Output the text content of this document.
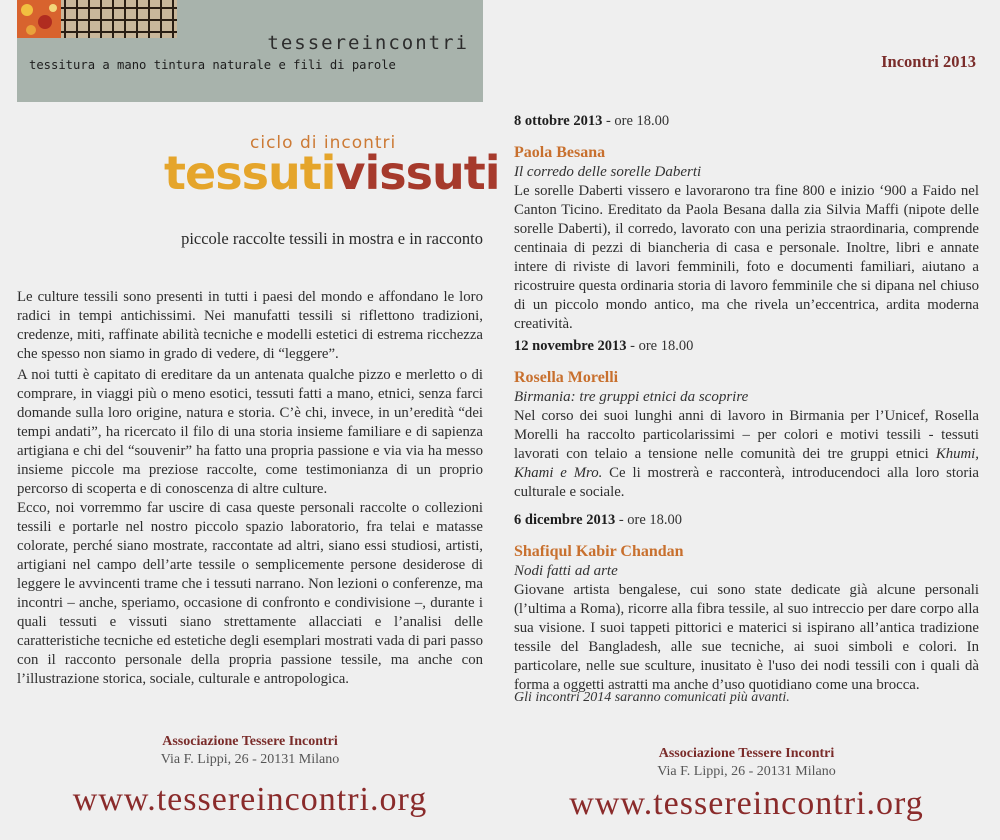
tessereincontri
tessitura a mano tintura naturale e fili di parole
ciclo di incontri
tessutivissuti
piccole raccolte tessili in mostra e in racconto

Le culture tessili sono presenti in tutti i paesi del mondo e affondano le loro radici in tempi antichissimi. Nei manufatti tessili si riflettono tradizioni, credenze, miti, raffinate abilità tecniche e modelli estetici di estrema ricchezza che spesso non siamo in grado di vedere, di “leggere”.

A noi tutti è capitato di ereditare da un antenata qualche pizzo e merletto o di comprare, in viaggi più o meno esotici, tessuti fatti a mano, etnici, senza farci domande sulla loro origine, natura e storia. C’è chi, invece, in un’eredità “dei tempi andati”, ha ricercato il filo di una storia insieme familiare e di sapienza artigiana e chi del “souvenir” ha fatto una propria passione e via via ha messo insieme piccole ma preziose raccolte, come testimonianza di un proprio percorso di scoperta e di conoscenza di altre culture.

Ecco, noi vorremmo far uscire di casa queste personali raccolte o collezioni tessili e portarle nel nostro piccolo spazio laboratorio, fra telai e matasse colorate, perché siano mostrate, raccontate ad altri, siano essi studiosi, artisti, artigiani nel campo dell’arte tessile o semplicemente persone desiderose di leggere le avvincenti trame che i tessuti narrano. Non lezioni o conferenze, ma incontri – anche, speriamo, occasione di confronto e condivisione –, durante i quali tessuti e vissuti siano strettamente allacciati e l’analisi delle caratteristiche tecniche ed estetiche degli esemplari mostrati vada di pari passo con il racconto personale della propria passione tessile, ma anche con l’illustrazione storica, sociale, culturale e antropologica.

Incontri 2013
8 ottobre 2013 - ore 18.00
Paola Besana
Il corredo delle sorelle Daberti
Le sorelle Daberti vissero e lavorarono tra fine 800 e inizio ‘900 a Faido nel Canton Ticino. Ereditato da Paola Besana dalla zia Silvia Maffi (nipote delle sorelle Daberti), il corredo, lavorato con una perizia straordinaria, comprende centinaia di pezzi di biancheria di casa e personale. Inoltre, libri e annate intere di riviste di lavori femminili, foto e documenti familiari, aiutano a ricostruire questa ordinaria storia di lavoro femminile che si dipana nel chiuso di un piccolo mondo antico, ma che rivela un’eccentrica, ardita moderna creatività.
12 novembre 2013 - ore 18.00
Rosella Morelli
Birmania: tre gruppi etnici da scoprire
Nel corso dei suoi lunghi anni di lavoro in Birmania per l’Unicef, Rosella Morelli ha raccolto particolarissimi – per colori e motivi tessili - tessuti lavorati con telaio a tensione nelle comunità dei tre gruppi etnici Khumi, Khami e Mro. Ce li mostrerà e racconterà, introducendoci alla loro storia culturale e sociale.
6 dicembre 2013 - ore 18.00
Shafiqul Kabir Chandan
Nodi fatti ad arte
Giovane artista bengalese, cui sono state dedicate già alcune personali (l’ultima a Roma), ricorre alla fibra tessile, al suo intreccio per dare corpo alla sua visione. I suoi tappeti pittorici e materici si ispirano all’antica tradizione tessile del Bangladesh, alle sue tecniche, ai suoi simboli e colori. In particolare, nelle sue sculture, inusitato è l'uso dei nodi tessili con i quali dà forma a oggetti astratti ma anche d’uso quotidiano come una brocca.
Gli incontri 2014 saranno comunicati più avanti.
Associazione Tessere Incontri
Via F. Lippi, 26 - 20131 Milano
www.tessereincontri.org
Associazione Tessere Incontri
Via F. Lippi, 26 - 20131 Milano
www.tessereincontri.org
